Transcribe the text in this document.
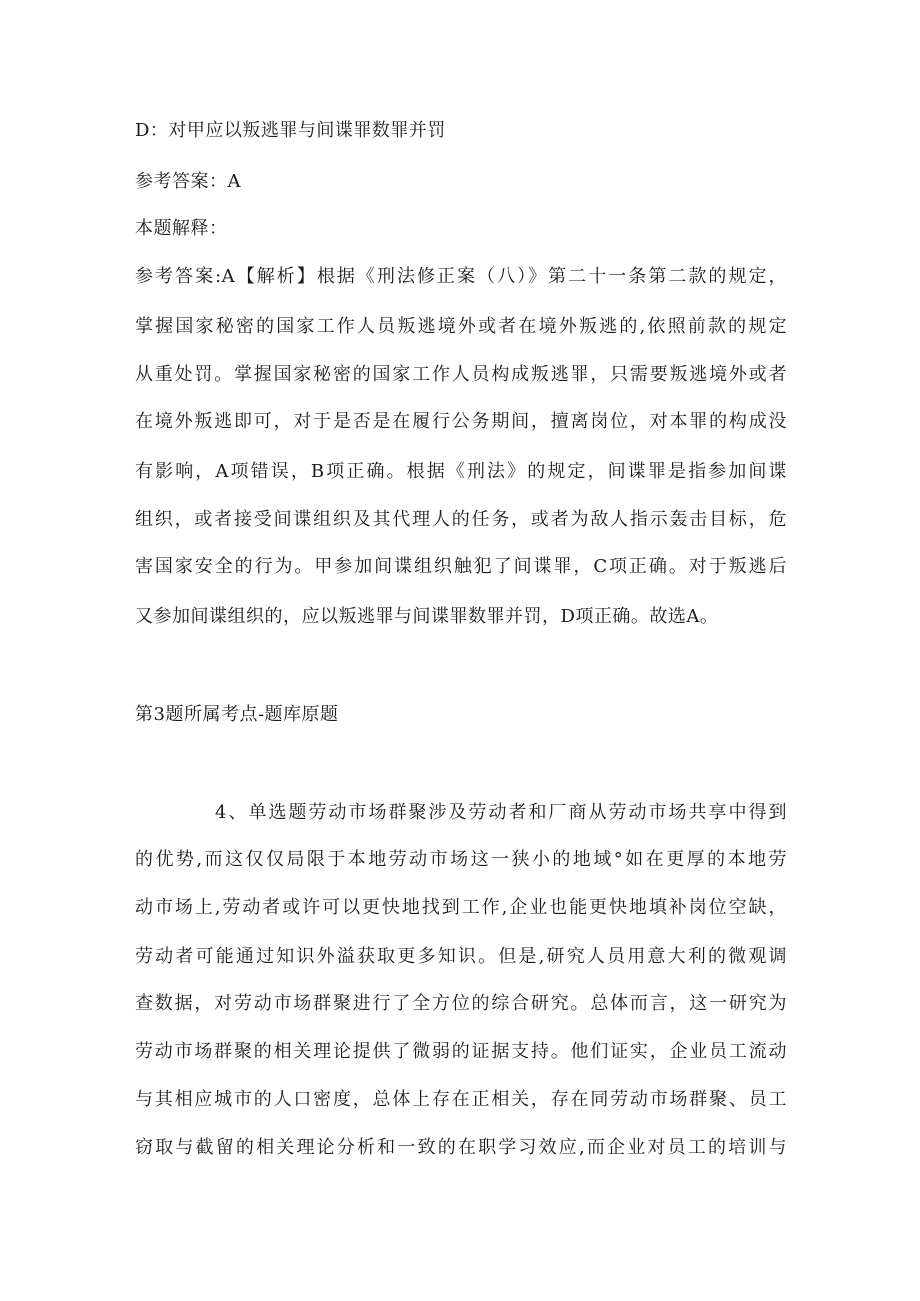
D：对甲应以叛逃罪与间谍罪数罪并罚
参考答案：A
本题解释：
参考答案:A【解析】根据《刑法修正案（八）》第二十一条第二款的规定，
掌握国家秘密的国家工作人员叛逃境外或者在境外叛逃的,依照前款的规定
从重处罚。掌握国家秘密的国家工作人员构成叛逃罪，只需要叛逃境外或者
在境外叛逃即可，对于是否是在履行公务期间，擅离岗位，对本罪的构成没
有影响，A项错误，B项正确。根据《刑法》的规定，间谍罪是指参加间谍
组织，或者接受间谍组织及其代理人的任务，或者为敌人指示轰击目标，危
害国家安全的行为。甲参加间谍组织触犯了间谍罪，C项正确。对于叛逃后
又参加间谍组织的，应以叛逃罪与间谍罪数罪并罚，D项正确。故选A。
第3题所属考点-题库原题
4、单选题劳动市场群聚涉及劳动者和厂商从劳动市场共享中得到
的优势,而这仅仅局限于本地劳动市场这一狭小的地域°如在更厚的本地劳
动市场上,劳动者或许可以更快地找到工作,企业也能更快地填补岗位空缺，
劳动者可能通过知识外溢获取更多知识。但是,研究人员用意大利的微观调
查数据，对劳动市场群聚进行了全方位的综合研究。总体而言，这一研究为
劳动市场群聚的相关理论提供了微弱的证据支持。他们证实，企业员工流动
与其相应城市的人口密度，总体上存在正相关，存在同劳动市场群聚、员工
窃取与截留的相关理论分析和一致的在职学习效应,而企业对员工的培训与
